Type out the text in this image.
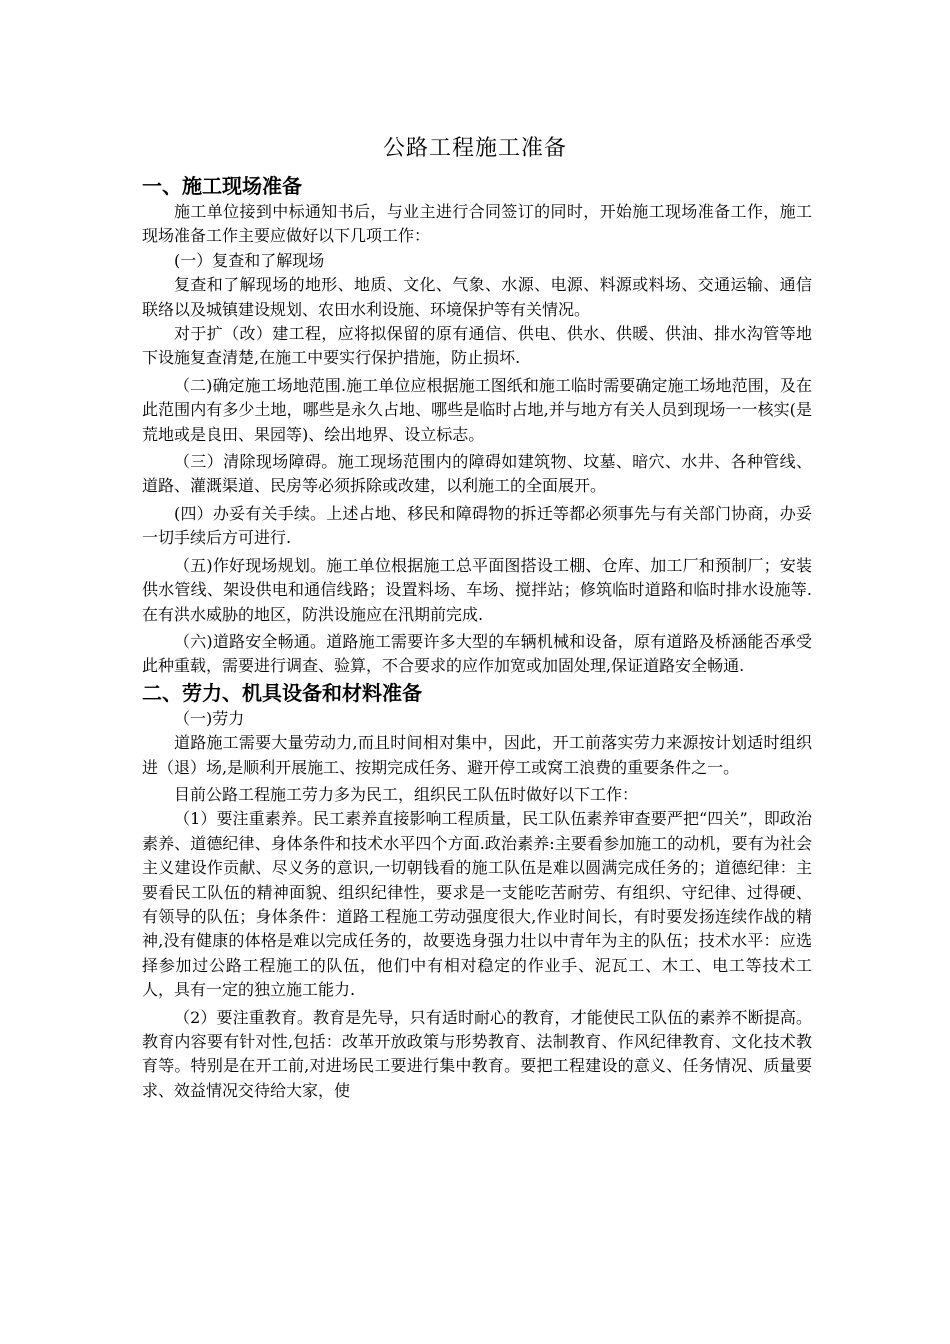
公路工程施工准备
一、施工现场准备

施工单位接到中标通知书后，与业主进行合同签订的同时，开始施工现场准备工作，施工现场准备工作主要应做好以下几项工作：

(一）复查和了解现场

复查和了解现场的地形、地质、文化、气象、水源、电源、料源或料场、交通运输、通信联络以及城镇建设规划、农田水利设施、环境保护等有关情况。

对于扩（改）建工程，应将拟保留的原有通信、供电、供水、供暖、供油、排水沟管等地下设施复查清楚,在施工中要实行保护措施，防止损坏.

（二)确定施工场地范围.施工单位应根据施工图纸和施工临时需要确定施工场地范围，及在此范围内有多少土地，哪些是永久占地、哪些是临时占地,并与地方有关人员到现场一一核实(是荒地或是良田、果园等)、绘出地界、设立标志。

（三）清除现场障碍。施工现场范围内的障碍如建筑物、坟墓、暗穴、水井、各种管线、道路、灌溉渠道、民房等必须拆除或改建，以利施工的全面展开。

(四）办妥有关手续。上述占地、移民和障碍物的拆迁等都必须事先与有关部门协商，办妥一切手续后方可进行.

（五)作好现场规划。施工单位根据施工总平面图搭设工棚、仓库、加工厂和预制厂；安装供水管线、架设供电和通信线路；设置料场、车场、搅拌站；修筑临时道路和临时排水设施等.在有洪水威胁的地区，防洪设施应在汛期前完成.

（六)道路安全畅通。道路施工需要许多大型的车辆机械和设备，原有道路及桥涵能否承受此种重载，需要进行调查、验算，不合要求的应作加宽或加固处理,保证道路安全畅通.

二、劳力、机具设备和材料准备

（一)劳力

道路施工需要大量劳动力,而且时间相对集中，因此，开工前落实劳力来源按计划适时组织进（退）场,是顺利开展施工、按期完成任务、避开停工或窝工浪费的重要条件之一。

目前公路工程施工劳力多为民工，组织民工队伍时做好以下工作：

（1）要注重素养。民工素养直接影响工程质量，民工队伍素养审查要严把“四关”，即政治素养、道德纪律、身体条件和技术水平四个方面.政治素养:主要看参加施工的动机，要有为社会主义建设作贡献、尽义务的意识,一切朝钱看的施工队伍是难以圆满完成任务的；道德纪律：主要看民工队伍的精神面貌、组织纪律性，要求是一支能吃苦耐劳、有组织、守纪律、过得硬、有领导的队伍；身体条件：道路工程施工劳动强度很大,作业时间长，有时要发扬连续作战的精神,没有健康的体格是难以完成任务的，故要选身强力壮以中青年为主的队伍；技术水平：应选择参加过公路工程施工的队伍，他们中有相对稳定的作业手、泥瓦工、木工、电工等技术工人，具有一定的独立施工能力.

（2）要注重教育。教育是先导，只有适时耐心的教育，才能使民工队伍的素养不断提高。教育内容要有针对性,包括：改革开放政策与形势教育、法制教育、作风纪律教育、文化技术教育等。特别是在开工前,对进场民工要进行集中教育。要把工程建设的意义、任务情况、质量要求、效益情况交待给大家，使
